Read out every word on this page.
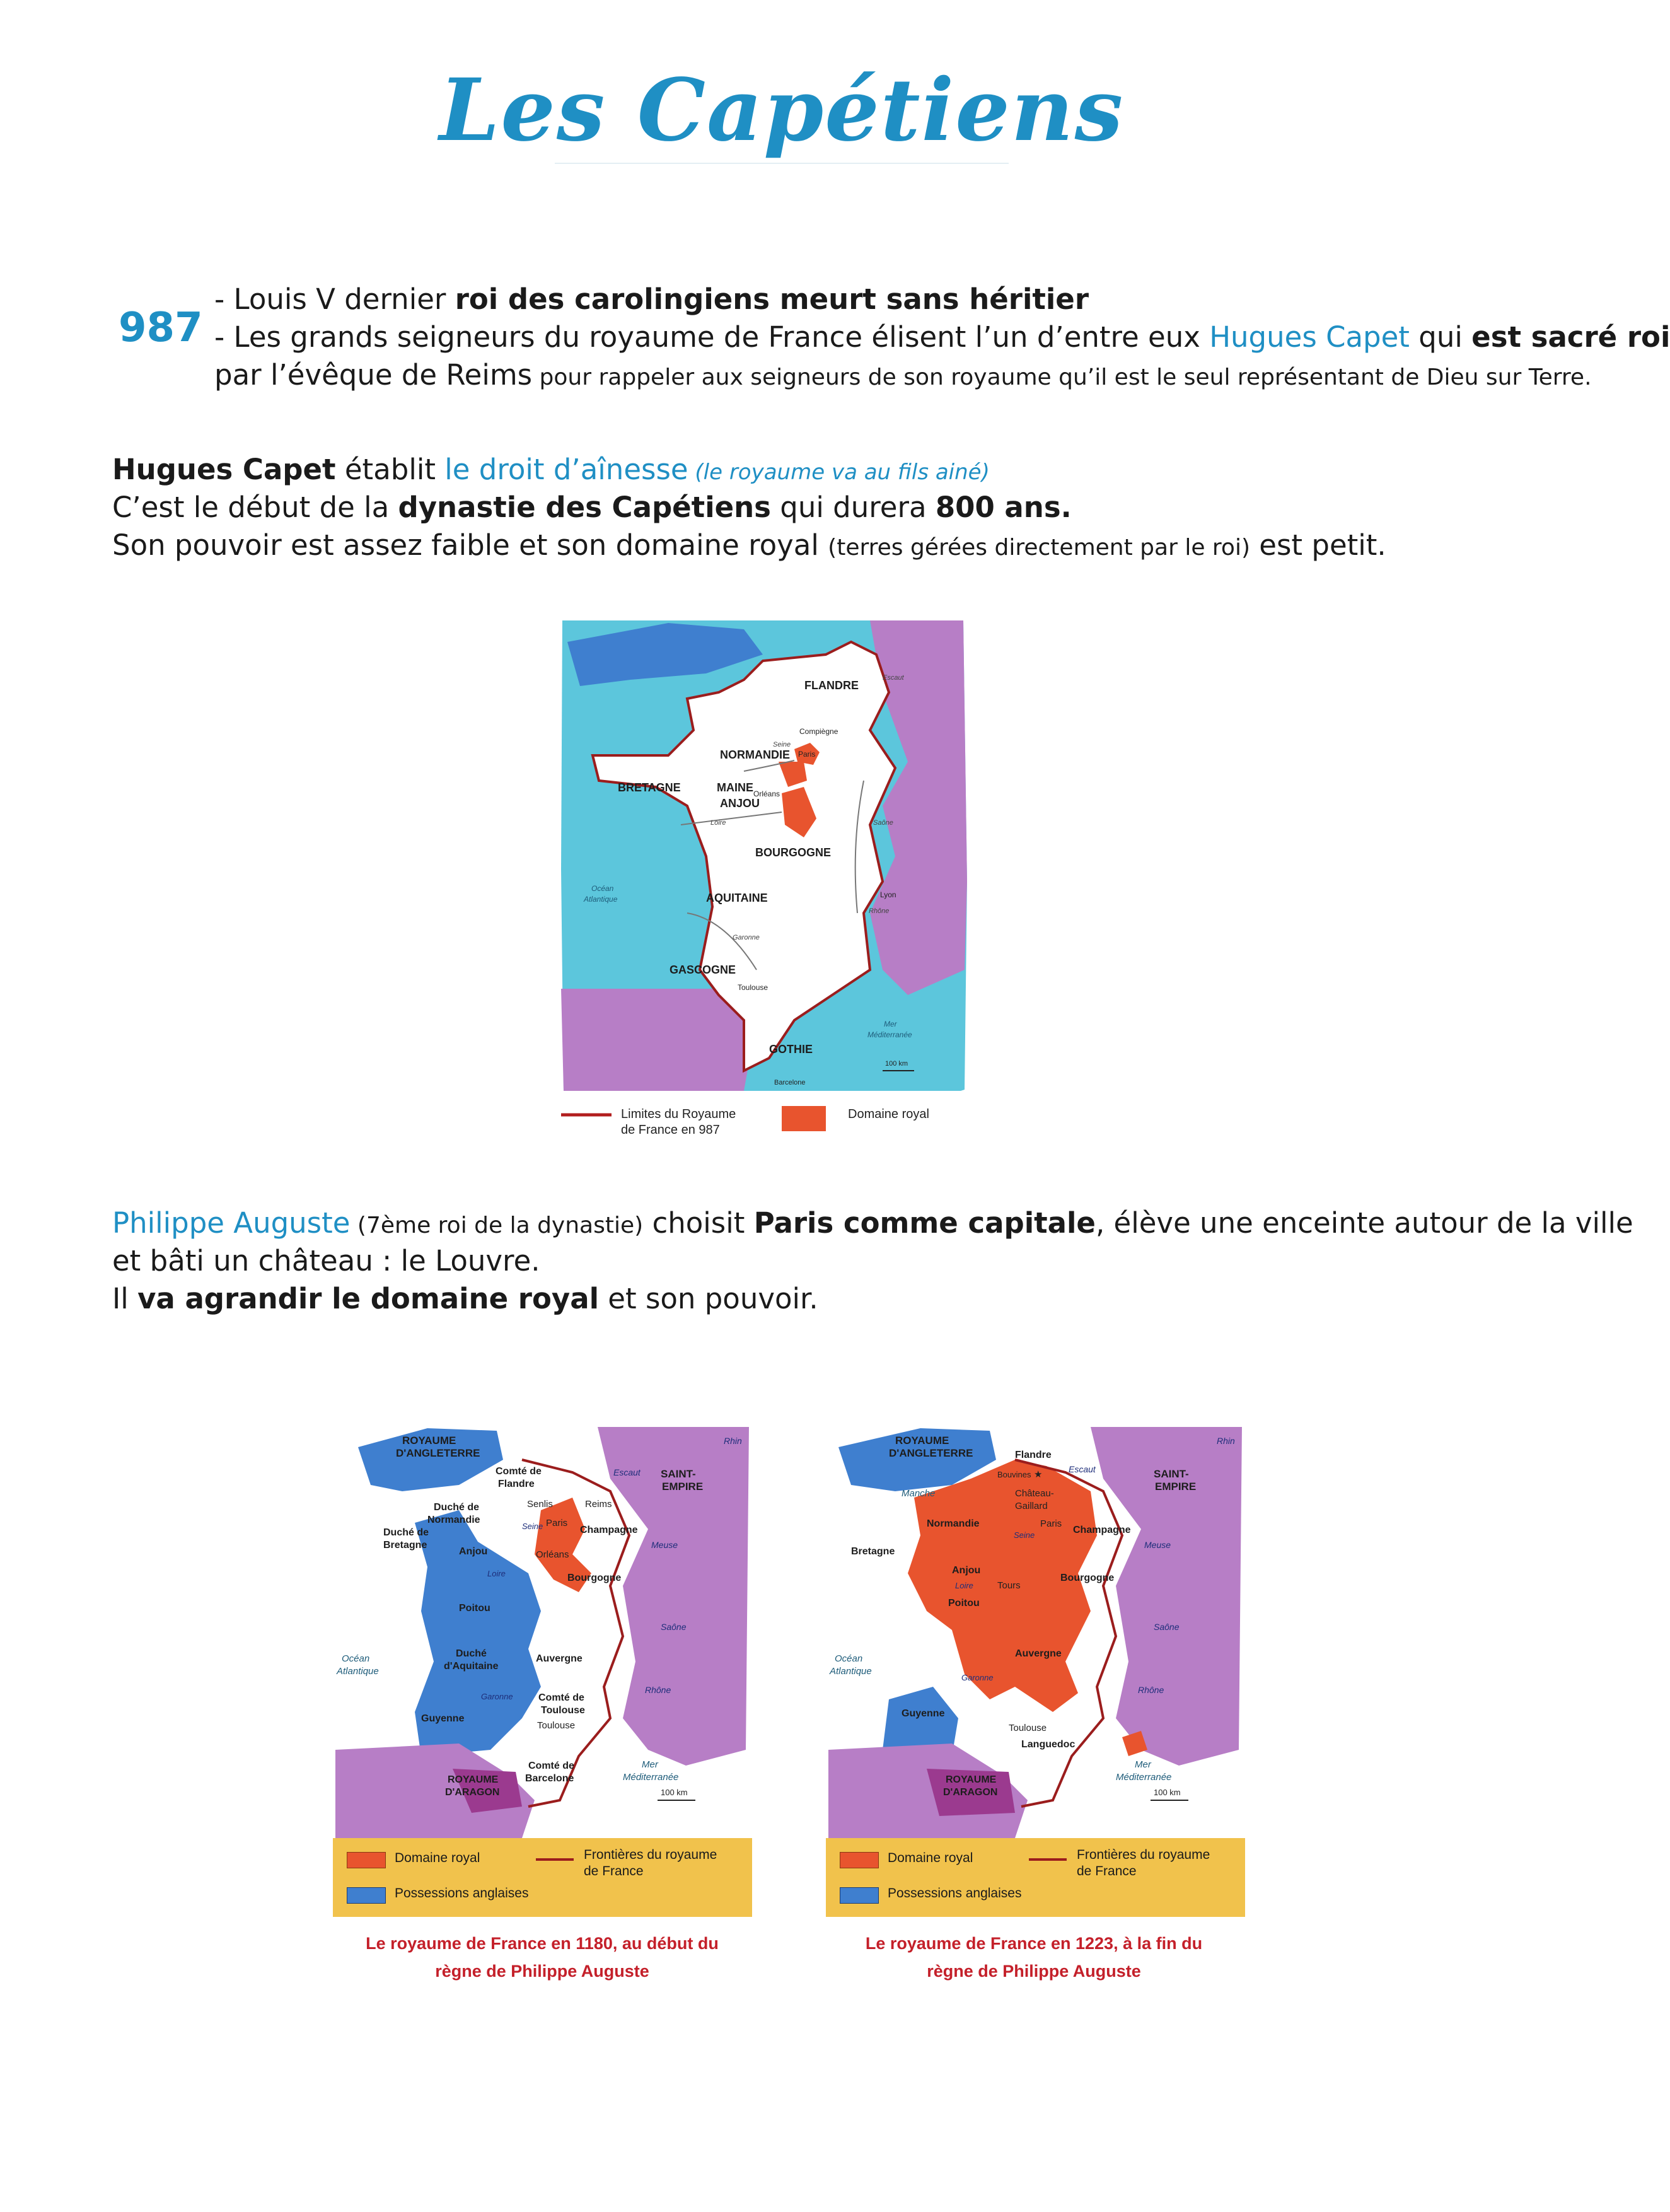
Les Capétiens
987
- Louis V dernier roi des carolingiens meurt sans héritier
- Les grands seigneurs du royaume de France élisent l’un d’entre eux Hugues Capet qui est sacré roi
par l’évêque de Reims pour rappeler aux seigneurs de son royaume qu’il est le seul représentant de Dieu sur Terre.
Hugues Capet établit le droit d’aînesse (le royaume va au fils ainé)
C’est le début de la dynastie des Capétiens qui durera 800 ans.
Son pouvoir est assez faible et son domaine royal (terres gérées directement par le roi) est petit.
FLANDRE
Compiègne
Seine
Paris
NORMANDIE
BRETAGNE	MAINE
ANJOU
Orléans
Loire
BOURGOGNE
Océan
Atlantique	AQUITAINE	Lyon
Rhône
Saône
Escaut
Garonne
GASCOGNE
Toulouse
Mer
Méditerranée
GOTHIE
100 km
Barcelone
Limites du Royaume
de France en 987
Domaine royal
Philippe Auguste (7ème roi de la dynastie) choisit Paris comme capitale, élève une enceinte autour de la ville
et bâti un château : le Louvre.
Il va agrandir le domaine royal et son pouvoir.
Océan
Atlantique
Mer
Méditerranée
ROYAUME
D'ANGLETERRE
Comté de
Flandre
Escaut
Rhin
SAINT-
EMPIRE
Senlis	Reims
Paris
Seine
Meuse
Duché de
Normandie
Champagne
Duché de
Bretagne
Anjou	Orléans
Bourgogne
Loire
Poitou
Saône
Duché
d'Aquitaine
Auvergne
Garonne
Rhône
Comté de
Toulouse
Toulouse
Guyenne
Comté de
Barcelone
ROYAUME
D'ARAGON	100 km
Domaine royal
Possessions anglaises
Frontières du royaume
de France
Le royaume de France en 1180, au début du
règne de Philippe Auguste
Océan
Atlantique
Manche
Mer
Méditerranée
ROYAUME
D'ANGLETERRE	Flandre
Bouvines ★	Escaut
Rhin
SAINT-
EMPIRE
Château-
Gaillard
Normandie	Paris
Seine
Meuse
Champagne
Bretagne
Anjou
Loire	Tours
Bourgogne
Poitou
Saône
Auvergne
Garonne
Rhône
Guyenne
Toulouse
Languedoc
ROYAUME
D'ARAGON	100 km
Domaine royal
Possessions anglaises
Frontières du royaume
de France
Le royaume de France en 1223, à la fin du
règne de Philippe Auguste
